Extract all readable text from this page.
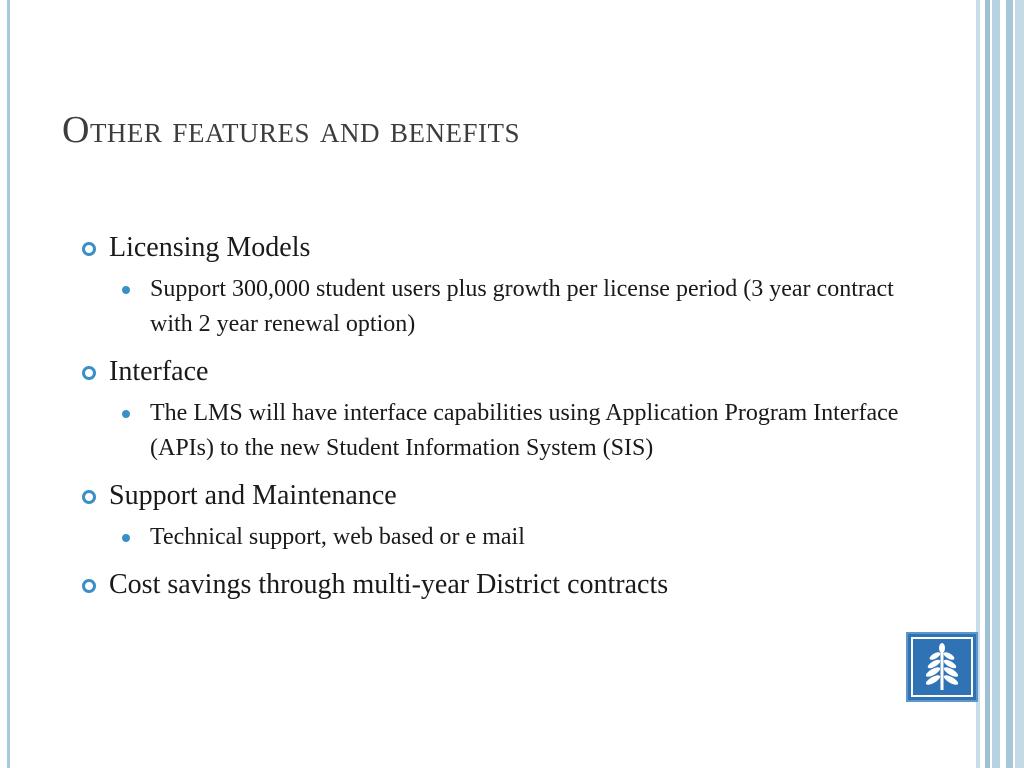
Other features and benefits
Licensing Models
Support 300,000 student users plus growth per license period (3 year contract with 2 year renewal option)
Interface
The LMS will have interface capabilities using Application Program Interface (APIs) to the new Student Information System (SIS)
Support and Maintenance
Technical support, web based or e mail
Cost savings through multi-year District contracts
